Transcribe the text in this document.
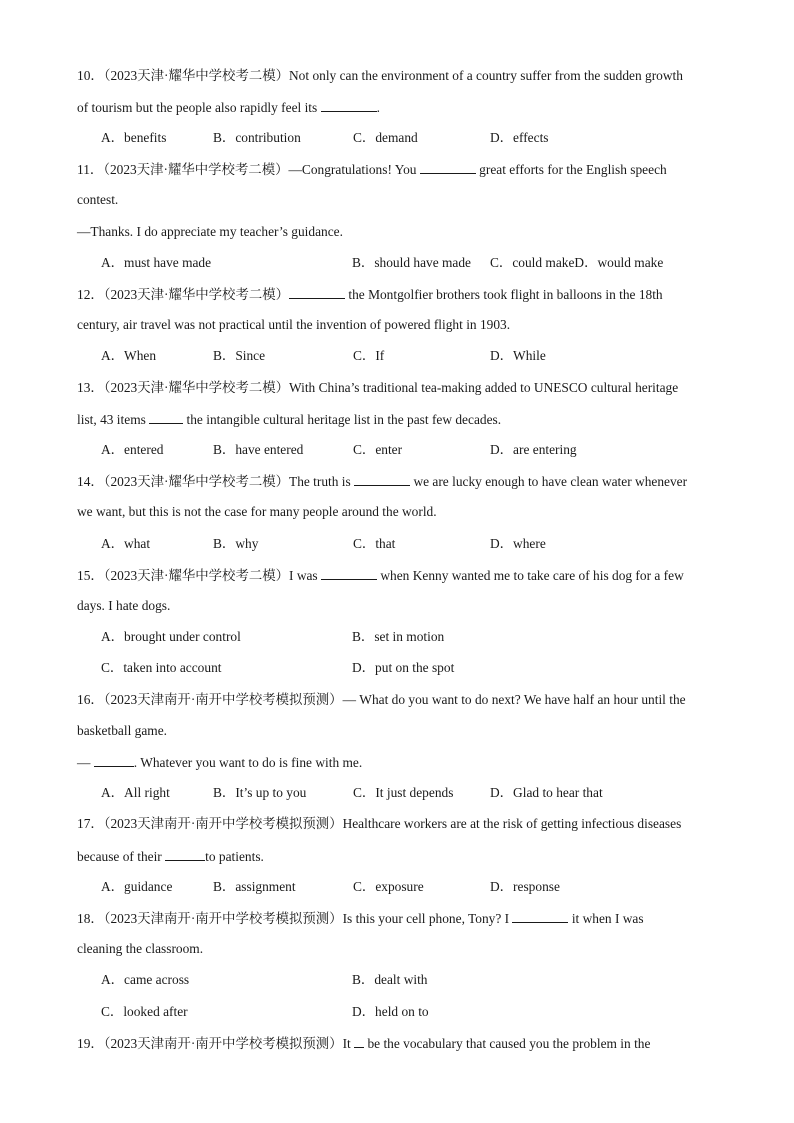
10．（2023天津·耀华中学校考二模）Not only can the environment of a country suffer from the sudden growth
of tourism but the people also rapidly feel its	.
A．benefits	B．contribution	C．demand	D．effects
11．（2023天津·耀华中学校考二模）—Congratulations! You	great efforts for the English speech
contest.
—Thanks. I do appreciate my teacher’s guidance.
A．must have made	B．should have made C．could makeD．would make
12．（2023天津·耀华中学校考二模）	the Montgolfier brothers took flight in balloons in the 18th
century, air travel was not practical until the invention of powered flight in 1903.
A．When	B．Since	C．If	D．While
13．（2023天津·耀华中学校考二模）With China’s traditional tea-making added to UNESCO cultural heritage
list, 43 items	the intangible cultural heritage list in the past few decades.
A．entered	B．have entered	C．enter	D．are entering
14．（2023天津·耀华中学校考二模）The truth is	we are lucky enough to have clean water whenever
we want, but this is not the case for many people around the world.
A．what	B．why	C．that	D．where
15．（2023天津·耀华中学校考二模）I was	when Kenny wanted me to take care of his dog for a few
days. I hate dogs.
A．brought under control	B．set in motion
C．taken into account	D．put on the spot
16．（2023天津南开·南开中学校考模拟预测）— What do you want to do next? We have half an hour until the
basketball game.
—	. Whatever you want to do is fine with me.
A．All right	B．It’s up to you	C．It just depends	D．Glad to hear that
17．（2023天津南开·南开中学校考模拟预测）Healthcare workers are at the risk of getting infectious diseases
because of their	to patients.
A．guidance	B．assignment	C．exposure	D．response
18．（2023天津南开·南开中学校考模拟预测）Is this your cell phone, Tony? I	it when I was
cleaning the classroom.
A．came across	B．dealt with
C．looked after	D．held on to
19．（2023天津南开·南开中学校考模拟预测）It  be the vocabulary that caused you the problem in the
